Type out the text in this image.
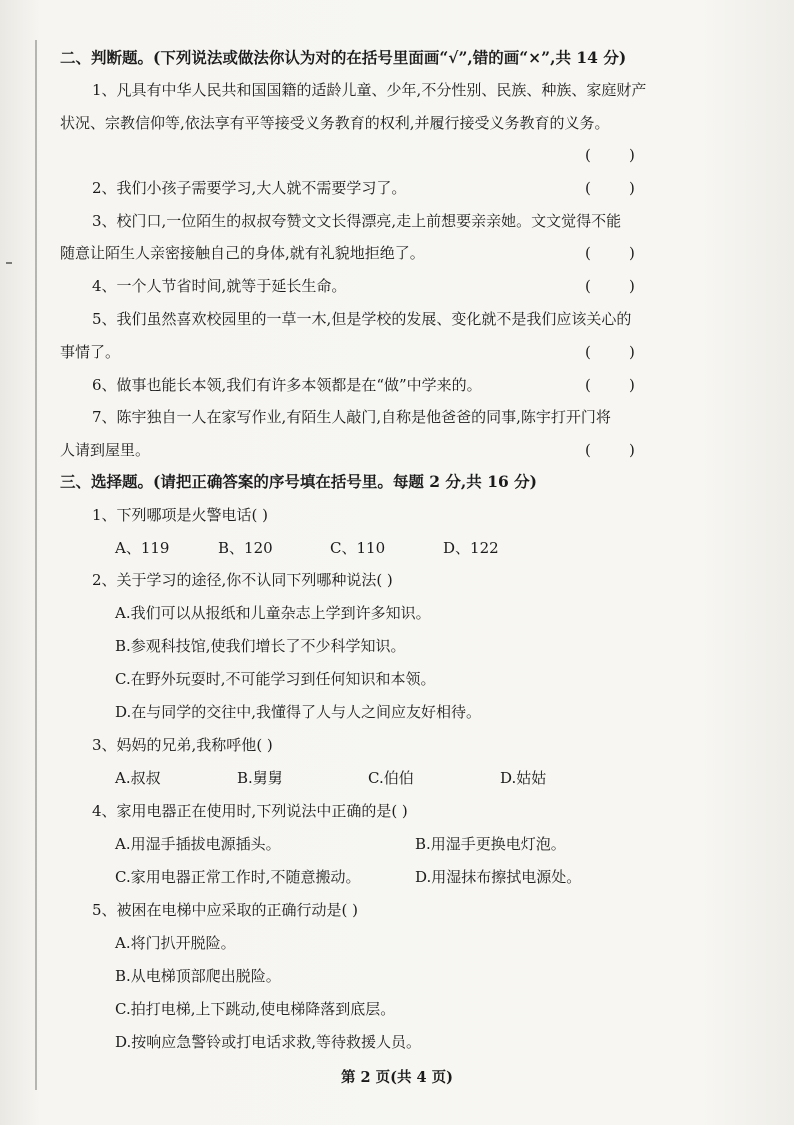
二、判断题。(下列说法或做法你认为对的在括号里面画“√”,错的画“×”,共 14 分)
1、凡具有中华人民共和国国籍的适龄儿童、少年,不分性别、民族、种族、家庭财产
状况、宗教信仰等,依法享有平等接受义务教育的权利,并履行接受义务教育的义务。
(        )
2、我们小孩子需要学习,大人就不需要学习了。	(        )
3、校门口,一位陌生的叔叔夸赞文文长得漂亮,走上前想要亲亲她。文文觉得不能
随意让陌生人亲密接触自己的身体,就有礼貌地拒绝了。	(        )
4、一个人节省时间,就等于延长生命。	(        )
5、我们虽然喜欢校园里的一草一木,但是学校的发展、变化就不是我们应该关心的
事情了。	(        )
6、做事也能长本领,我们有许多本领都是在“做”中学来的。	(        )
7、陈宇独自一人在家写作业,有陌生人敲门,自称是他爸爸的同事,陈宇打开门将
人请到屋里。	(        )
三、选择题。(请把正确答案的序号填在括号里。每题 2 分,共 16 分)
1、下列哪项是火警电话( )
A、119	B、120	C、110	D、122
2、关于学习的途径,你不认同下列哪种说法( )
A.我们可以从报纸和儿童杂志上学到许多知识。
B.参观科技馆,使我们增长了不少科学知识。
C.在野外玩耍时,不可能学习到任何知识和本领。
D.在与同学的交往中,我懂得了人与人之间应友好相待。
3、妈妈的兄弟,我称呼他( )
A.叔叔	B.舅舅	C.伯伯	D.姑姑
4、家用电器正在使用时,下列说法中正确的是( )
A.用湿手插拔电源插头。	B.用湿手更换电灯泡。
C.家用电器正常工作时,不随意搬动。	D.用湿抹布擦拭电源处。
5、被困在电梯中应采取的正确行动是( )
A.将门扒开脱险。
B.从电梯顶部爬出脱险。
C.拍打电梯,上下跳动,使电梯降落到底层。
D.按响应急警铃或打电话求救,等待救援人员。
第 2 页(共 4 页)
